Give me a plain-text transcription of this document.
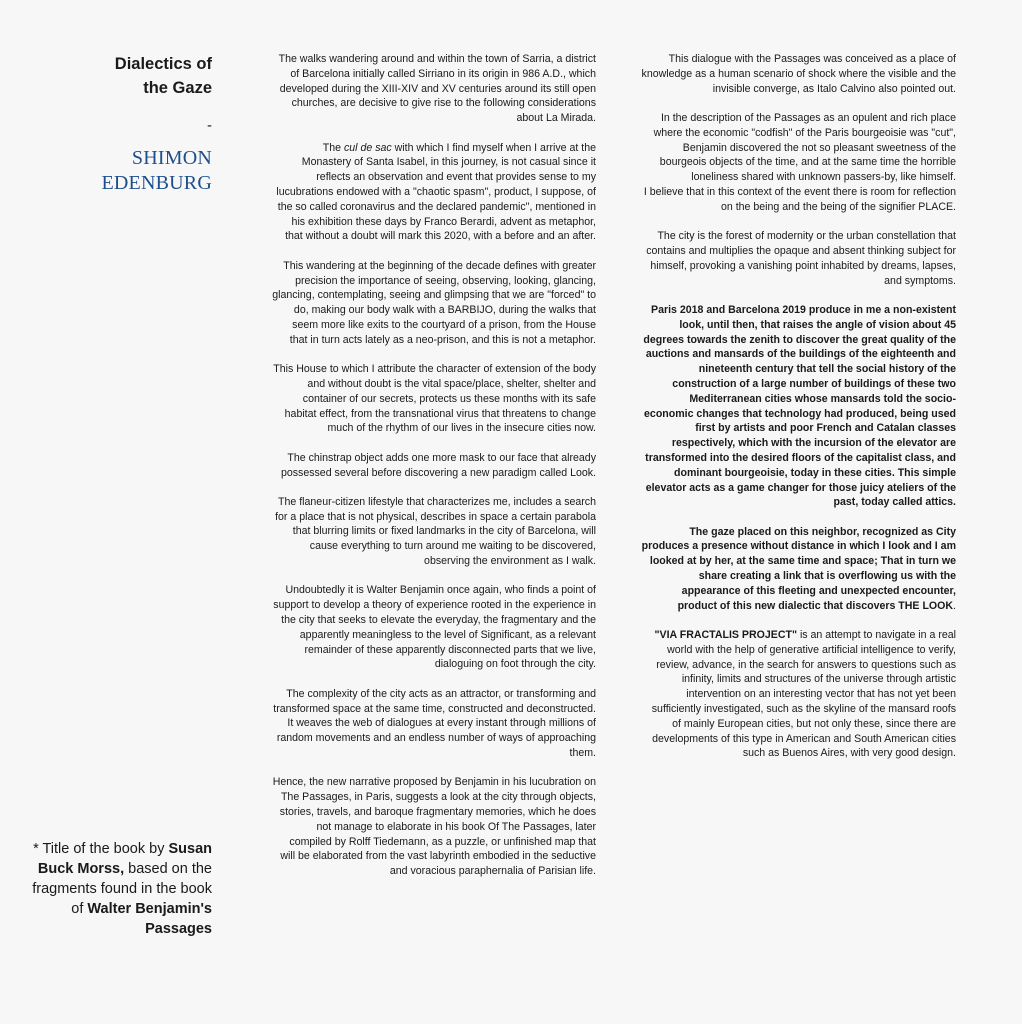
Dialectics of
the Gaze
-
SHIMON
EDENBURG
* Title of the book by Susan Buck Morss, based on the fragments found in the book of Walter Benjamin's Passages

The walks wandering around and within the town of Sarria, a district of Barcelona initially called Sirriano in its origin in 986 A.D., which developed during the XIII-XIV and XV centuries around its still open churches, are decisive to give rise to the following considerations about La Mirada.

The cul de sac with which I find myself when I arrive at the Monastery of Santa Isabel, in this journey, is not casual since it reflects an observation and event that provides sense to my lucubrations endowed with a "chaotic spasm", product, I suppose, of the so called coronavirus and the declared pandemic", mentioned in his exhibition these days by Franco Berardi, advent as metaphor, that without a doubt will mark this 2020, with a before and an after.

This wandering at the beginning of the decade defines with greater precision the importance of seeing, observing, looking, glancing, glancing, contemplating, seeing and glimpsing that we are "forced" to do, making our body walk with a BARBIJO, during the walks that seem more like exits to the courtyard of a prison, from the House that in turn acts lately as a neo-prison, and this is not a metaphor.

This House to which I attribute the character of extension of the body and without doubt is the vital space/place, shelter, shelter and container of our secrets, protects us these months with its safe habitat effect, from the transnational virus that threatens to change much of the rhythm of our lives in the insecure cities now.

The chinstrap object adds one more mask to our face that already possessed several before discovering a new paradigm called Look.

The flaneur-citizen lifestyle that characterizes me, includes a search for a place that is not physical, describes in space a certain parabola that blurring limits or fixed landmarks in the city of Barcelona, will cause everything to turn around me waiting to be discovered, observing the environment as I walk.

Undoubtedly it is Walter Benjamin once again, who finds a point of support to develop a theory of experience rooted in the experience in the city that seeks to elevate the everyday, the fragmentary and the apparently meaningless to the level of Significant, as a relevant remainder of these apparently disconnected parts that we live, dialoguing on foot through the city.

The complexity of the city acts as an attractor, or transforming and transformed space at the same time, constructed and deconstructed. It weaves the web of dialogues at every instant through millions of random movements and an endless number of ways of approaching them.

Hence, the new narrative proposed by Benjamin in his lucubration on The Passages, in Paris, suggests a look at the city through objects, stories, travels, and baroque fragmentary memories, which he does not manage to elaborate in his book Of The Passages, later compiled by Rolff Tiedemann, as a puzzle, or unfinished map that will be elaborated from the vast labyrinth embodied in the seductive and voracious paraphernalia of Parisian life.

This dialogue with the Passages was conceived as a place of knowledge as a human scenario of shock where the visible and the invisible converge, as Italo Calvino also pointed out.

In the description of the Passages as an opulent and rich place where the economic "codfish" of the Paris bourgeoisie was "cut", Benjamin discovered the not so pleasant sweetness of the bourgeois objects of the time, and at the same time the horrible loneliness shared with unknown passers-by, like himself.
I believe that in this context of the event there is room for reflection on the being and the being of the signifier PLACE.

The city is the forest of modernity or the urban constellation that contains and multiplies the opaque and absent thinking subject for himself, provoking a vanishing point inhabited by dreams, lapses, and symptoms.

Paris 2018 and Barcelona 2019 produce in me a non-existent look, until then, that raises the angle of vision about 45 degrees towards the zenith to discover the great quality of the auctions and mansards of the buildings of the eighteenth and nineteenth century that tell the social history of the construction of a large number of buildings of these two Mediterranean cities whose mansards told the socio-economic changes that technology had produced, being used first by artists and poor French and Catalan classes respectively, which with the incursion of the elevator are transformed into the desired floors of the capitalist class, and dominant bourgeoisie, today in these cities. This simple elevator acts as a game changer for those juicy ateliers of the past, today called attics.

The gaze placed on this neighbor, recognized as City produces a presence without distance in which I look and I am looked at by her, at the same time and space; That in turn we share creating a link that is overflowing us with the appearance of this fleeting and unexpected encounter, product of this new dialectic that discovers THE LOOK.

"VIA FRACTALIS PROJECT" is an attempt to navigate in a real world with the help of generative artificial intelligence to verify, review, advance, in the search for answers to questions such as infinity, limits and structures of the universe through artistic intervention on an interesting vector that has not yet been sufficiently investigated, such as the skyline of the mansard roofs of mainly European cities, but not only these, since there are developments of this type in American and South American cities such as Buenos Aires, with very good design.
